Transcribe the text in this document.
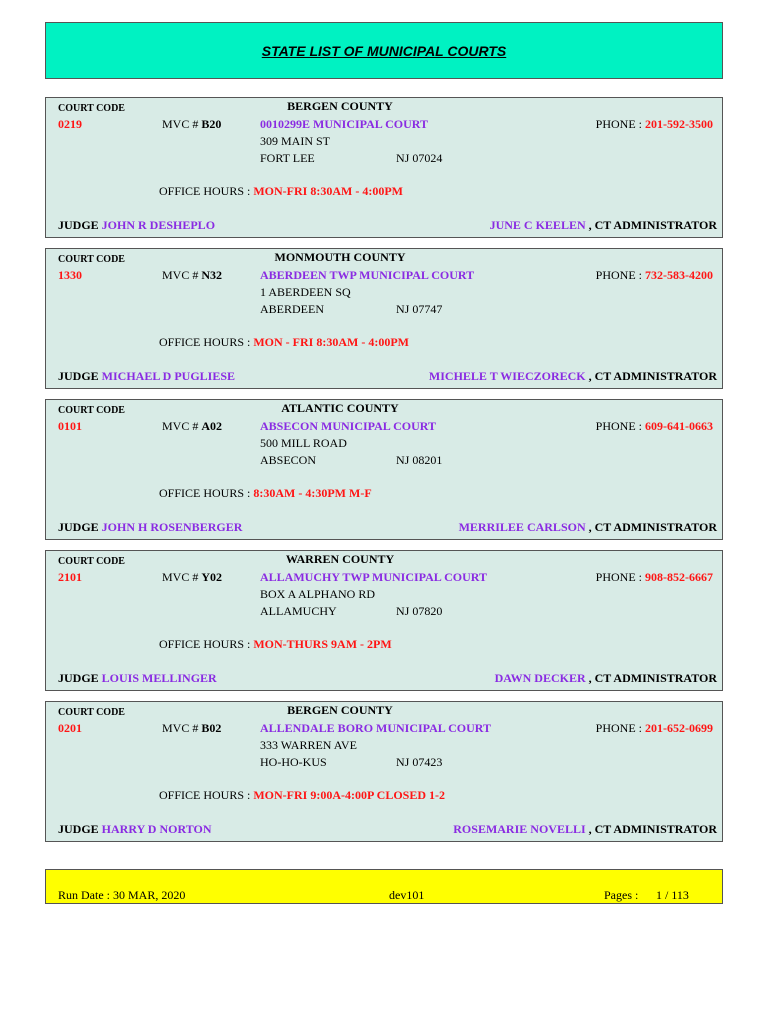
STATE LIST OF MUNICIPAL COURTS
COURT CODE
0219	MVC # B20
BERGEN COUNTY
0010299E MUNICIPAL COURT
309 MAIN ST
FORT LEE	NJ 07024
PHONE : 201-592-3500
OFFICE HOURS : MON-FRI 8:30AM - 4:00PM
JUDGE JOHN R DESHEPLO	JUNE C KEELEN , CT ADMINISTRATOR
COURT CODE
1330	MVC # N32
MONMOUTH COUNTY
ABERDEEN TWP MUNICIPAL COURT
1 ABERDEEN SQ
ABERDEEN	NJ 07747
PHONE : 732-583-4200
OFFICE HOURS : MON - FRI 8:30AM - 4:00PM
JUDGE MICHAEL D PUGLIESE	MICHELE T WIECZORECK , CT ADMINISTRATOR
COURT CODE
0101	MVC # A02
ATLANTIC COUNTY
ABSECON MUNICIPAL COURT
500 MILL ROAD
ABSECON	NJ 08201
PHONE : 609-641-0663
OFFICE HOURS : 8:30AM - 4:30PM M-F
JUDGE JOHN H ROSENBERGER	MERRILEE CARLSON , CT ADMINISTRATOR
COURT CODE
2101	MVC # Y02
WARREN COUNTY
ALLAMUCHY TWP MUNICIPAL COURT
BOX A ALPHANO RD
ALLAMUCHY	NJ 07820
PHONE : 908-852-6667
OFFICE HOURS : MON-THURS 9AM - 2PM
JUDGE LOUIS MELLINGER	DAWN DECKER , CT ADMINISTRATOR
COURT CODE
0201	MVC # B02
BERGEN COUNTY
ALLENDALE BORO MUNICIPAL COURT
333 WARREN AVE
HO-HO-KUS	NJ 07423
PHONE : 201-652-0699
OFFICE HOURS : MON-FRI 9:00A-4:00P CLOSED 1-2
JUDGE HARRY D NORTON	ROSEMARIE NOVELLI , CT ADMINISTRATOR
Run Date : 30 MAR, 2020	dev101	Pages : 1 / 113
